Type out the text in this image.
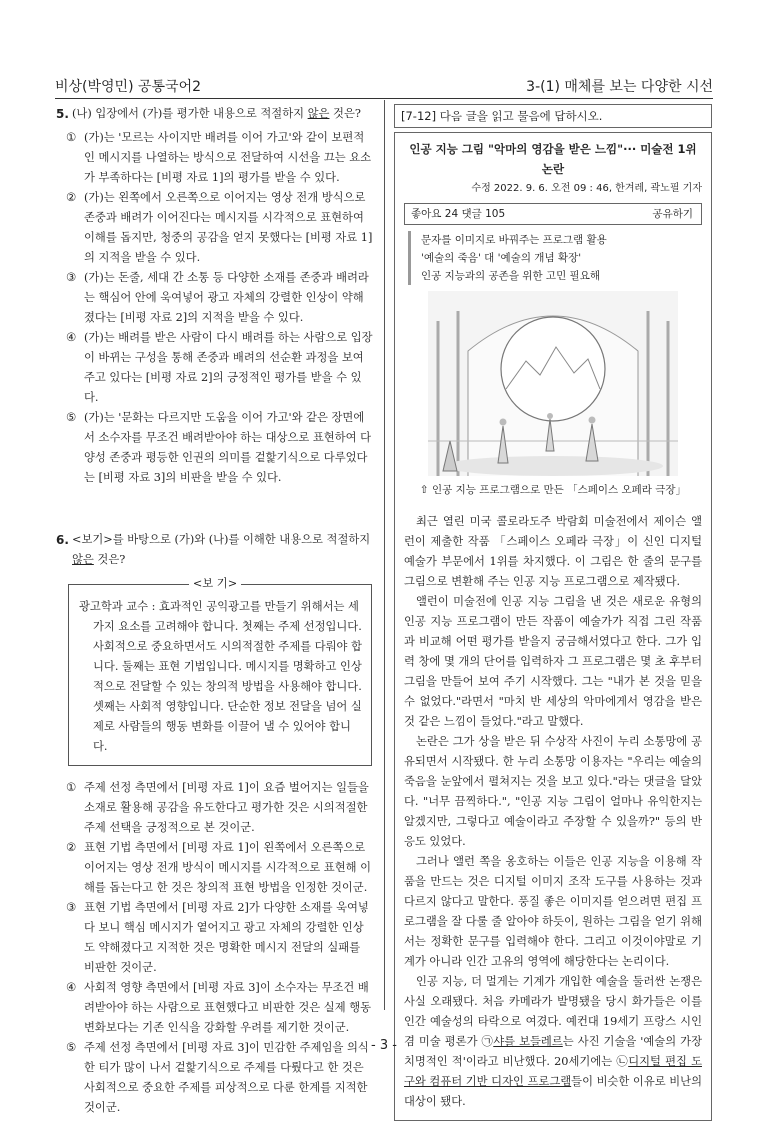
비상(박영민) 공통국어2	3-(1) 매체를 보는 다양한 시선
5. (나) 입장에서 (가)를 평가한 내용으로 적절하지 않은 것은?
① (가)는 '모르는 사이지만 배려를 이어 가고'와 같이 보편적인 메시지를 나열하는 방식으로 전달하여 시선을 끄는 요소가 부족하다는 [비평 자료 1]의 평가를 받을 수 있다.
② (가)는 왼쪽에서 오른쪽으로 이어지는 영상 전개 방식으로 존중과 배려가 이어진다는 메시지를 시각적으로 표현하여 이해를 돕지만, 청중의 공감을 얻지 못했다는 [비평 자료 1]의 지적을 받을 수 있다.
③ (가)는 돈줄, 세대 간 소통 등 다양한 소재를 존중과 배려라는 핵심어 안에 욱여넣어 광고 자체의 강렬한 인상이 약해졌다는 [비평 자료 2]의 지적을 받을 수 있다.
④ (가)는 배려를 받은 사람이 다시 배려를 하는 사람으로 입장이 바뀌는 구성을 통해 존중과 배려의 선순환 과정을 보여 주고 있다는 [비평 자료 2]의 긍정적인 평가를 받을 수 있다.
⑤ (가)는 '문화는 다르지만 도움을 이어 가고'와 같은 장면에서 소수자를 무조건 배려받아야 하는 대상으로 표현하여 다양성 존중과 평등한 인권의 의미를 겉핥기식으로 다루었다는 [비평 자료 3]의 비판을 받을 수 있다.
6. <보기>를 바탕으로 (가)와 (나)를 이해한 내용으로 적절하지 않은 것은?
<보 기>
광고학과 교수 : 효과적인 공익광고를 만들기 위해서는 세 가지 요소를 고려해야 합니다. 첫째는 주제 선정입니다. 사회적으로 중요하면서도 시의적절한 주제를 다뤄야 합니다. 둘째는 표현 기법입니다. 메시지를 명확하고 인상적으로 전달할 수 있는 창의적 방법을 사용해야 합니다. 셋째는 사회적 영향입니다. 단순한 정보 전달을 넘어 실제로 사람들의 행동 변화를 이끌어 낼 수 있어야 합니다.
① 주제 선정 측면에서 [비평 자료 1]이 요즘 벌어지는 일들을 소재로 활용해 공감을 유도한다고 평가한 것은 시의적절한 주제 선택을 긍정적으로 본 것이군.
② 표현 기법 측면에서 [비평 자료 1]이 왼쪽에서 오른쪽으로 이어지는 영상 전개 방식이 메시지를 시각적으로 표현해 이해를 돕는다고 한 것은 창의적 표현 방법을 인정한 것이군.
③ 표현 기법 측면에서 [비평 자료 2]가 다양한 소재를 욱여넣다 보니 핵심 메시지가 옅어지고 광고 자체의 강렬한 인상도 약해졌다고 지적한 것은 명확한 메시지 전달의 실패를 비판한 것이군.
④ 사회적 영향 측면에서 [비평 자료 3]이 소수자는 무조건 배려받아야 하는 사람으로 표현했다고 비판한 것은 실제 행동 변화보다는 기존 인식을 강화할 우려를 제기한 것이군.
⑤ 주제 선정 측면에서 [비평 자료 3]이 민감한 주제임을 의식한 티가 많이 나서 겉핥기식으로 주제를 다뤘다고 한 것은 사회적으로 중요한 주제를 피상적으로 다룬 한계를 지적한 것이군.
[7-12] 다음 글을 읽고 물음에 답하시오.
인공 지능 그림 "악마의 영감을 받은 느낌"··· 미술전 1위 논란
수정 2022. 9. 6. 오전 09 : 46, 한겨레, 곽노필 기자
좋아요 24 댓글 105	공유하기
문자를 이미지로 바꿔주는 프로그램 활용
'예술의 죽음' 대 '예술의 개념 확장'
인공 지능과의 공존을 위한 고민 필요해
⇧ 인공 지능 프로그램으로 만든 「스페이스 오페라 극장」

최근 열린 미국 콜로라도주 박람회 미술전에서 제이슨 앨런이 제출한 작품 「스페이스 오페라 극장」이 신인 디지털 예술가 부문에서 1위를 차지했다. 이 그림은 한 줄의 문구를 그림으로 변환해 주는 인공 지능 프로그램으로 제작됐다.

앨런이 미술전에 인공 지능 그림을 낸 것은 새로운 유형의 인공 지능 프로그램이 만든 작품이 예술가가 직접 그린 작품과 비교해 어떤 평가를 받을지 궁금해서였다고 한다. 그가 입력 창에 몇 개의 단어를 입력하자 그 프로그램은 몇 초 후부터 그림을 만들어 보여 주기 시작했다. 그는 "내가 본 것을 믿을 수 없었다."라면서 "마치 반 세상의 악마에게서 영감을 받은 것 같은 느낌이 들었다."라고 말했다.

논란은 그가 상을 받은 뒤 수상작 사진이 누리 소통망에 공유되면서 시작됐다. 한 누리 소통망 이용자는 "우리는 예술의 죽음을 눈앞에서 펼쳐지는 것을 보고 있다."라는 댓글을 달았다. "너무 끔찍하다.", "인공 지능 그림이 얼마나 유익한지는 알겠지만, 그렇다고 예술이라고 주장할 수 있을까?" 등의 반응도 있었다.

그러나 앨런 쪽을 옹호하는 이들은 인공 지능을 이용해 작품을 만드는 것은 디지털 이미지 조작 도구를 사용하는 것과 다르지 않다고 말한다. 풍질 좋은 이미지를 얻으려면 편집 프로그램을 잘 다룰 줄 알아야 하듯이, 원하는 그림을 얻기 위해서는 정확한 문구를 입력해야 한다. 그리고 이것이야말로 기계가 아니라 인간 고유의 영역에 해당한다는 논리이다.

인공 지능, 더 멀게는 기계가 개입한 예술을 둘러싼 논쟁은 사실 오래됐다. 처음 카메라가 발명됐을 당시 화가들은 이를 인간 예술성의 타락으로 여겼다. 예컨대 19세기 프랑스 시인 겸 미술 평론가 ㉠샤를 보들레르는 사진 기술을 '예술의 가장 치명적인 적'이라고 비난했다. 20세기에는 ㉡디지털 편집 도구와 컴퓨터 기반 디자인 프로그램들이 비슷한 이유로 비난의 대상이 됐다.

- 3 -
